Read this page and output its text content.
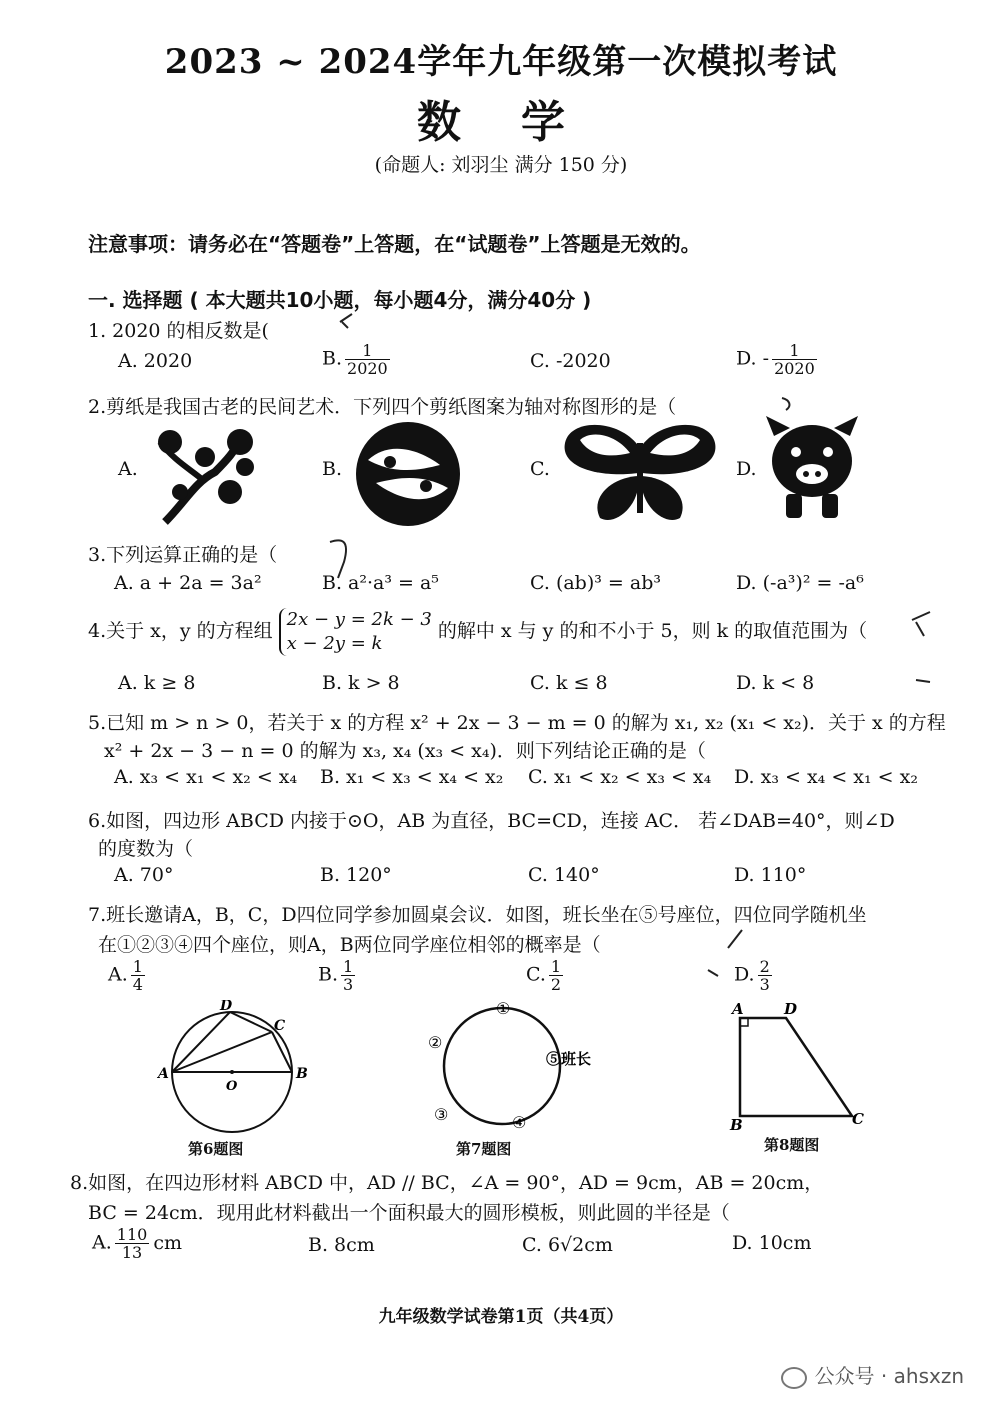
2023 ~ 2024学年九年级第一次模拟考试
数学
(命题人: 刘羽尘 满分 150 分)
注意事项：请务必在“答题卷”上答题，在“试题卷”上答题是无效的。
一. 选择题 ( 本大题共10小题，每小题4分，满分40分 )
1. 2020 的相反数是(
A. 2020	B. $\frac{1}{2020}$	C. -2020	D. - $\frac{1}{2020}$
2.剪纸是我国古老的民间艺术．下列四个剪纸图案为轴对称图形的是（
A.	B.	C.	D.
3.下列运算正确的是（
A. a + 2a = 3a²	B. a²·a³ = a⁵	C. (ab)³ = ab³	D. (-a³)² = -a⁶
4.关于 x，y 的方程组
2x − y = 2k − 3
x − 2y = k
的解中 x 与 y 的和不小于 5，则 k 的取值范围为（
A. k ≥ 8	B. k > 8	C. k ≤ 8	D. k < 8
5.已知 m > n > 0，若关于 x 的方程 x² + 2x − 3 − m = 0 的解为 x₁, x₂ (x₁ < x₂)．关于 x 的方程
x² + 2x − 3 − n = 0 的解为 x₃, x₄ (x₃ < x₄)．则下列结论正确的是（
A. x₃ < x₁ < x₂ < x₄ B. x₁ < x₃ < x₄ < x₂ C. x₁ < x₂ < x₃ < x₄ D. x₃ < x₄ < x₁ < x₂
6.如图，四边形 ABCD 内接于⊙O，AB 为直径，BC=CD，连接 AC． 若∠DAB=40°，则∠D
的度数为（
A. 70°	B. 120°	C. 140°	D. 110°
7.班长邀请A，B，C，D四位同学参加圆桌会议．如图，班长坐在⑤号座位，四位同学随机坐
在①②③④四个座位，则A，B两位同学座位相邻的概率是（
A. $\frac{1}{4}$	B. $\frac{1}{3}$	C. $\frac{1}{2}$	D. $\frac{2}{3}$
A	B
C
D
O
第6题图
①
②
③	④
⑤班长
第7题图
A	D
B	C
第8题图
8.如图，在四边形材料 ABCD 中，AD // BC，∠A = 90°，AD = 9cm，AB = 20cm，
BC = 24cm．现用此材料截出一个面积最大的圆形模板，则此圆的半径是（
A. $\frac{110}{13}$ cm	B. 8cm	C. 6√2cm	D. 10cm
九年级数学试卷第1页（共4页）
公众号 · ahsxzn
